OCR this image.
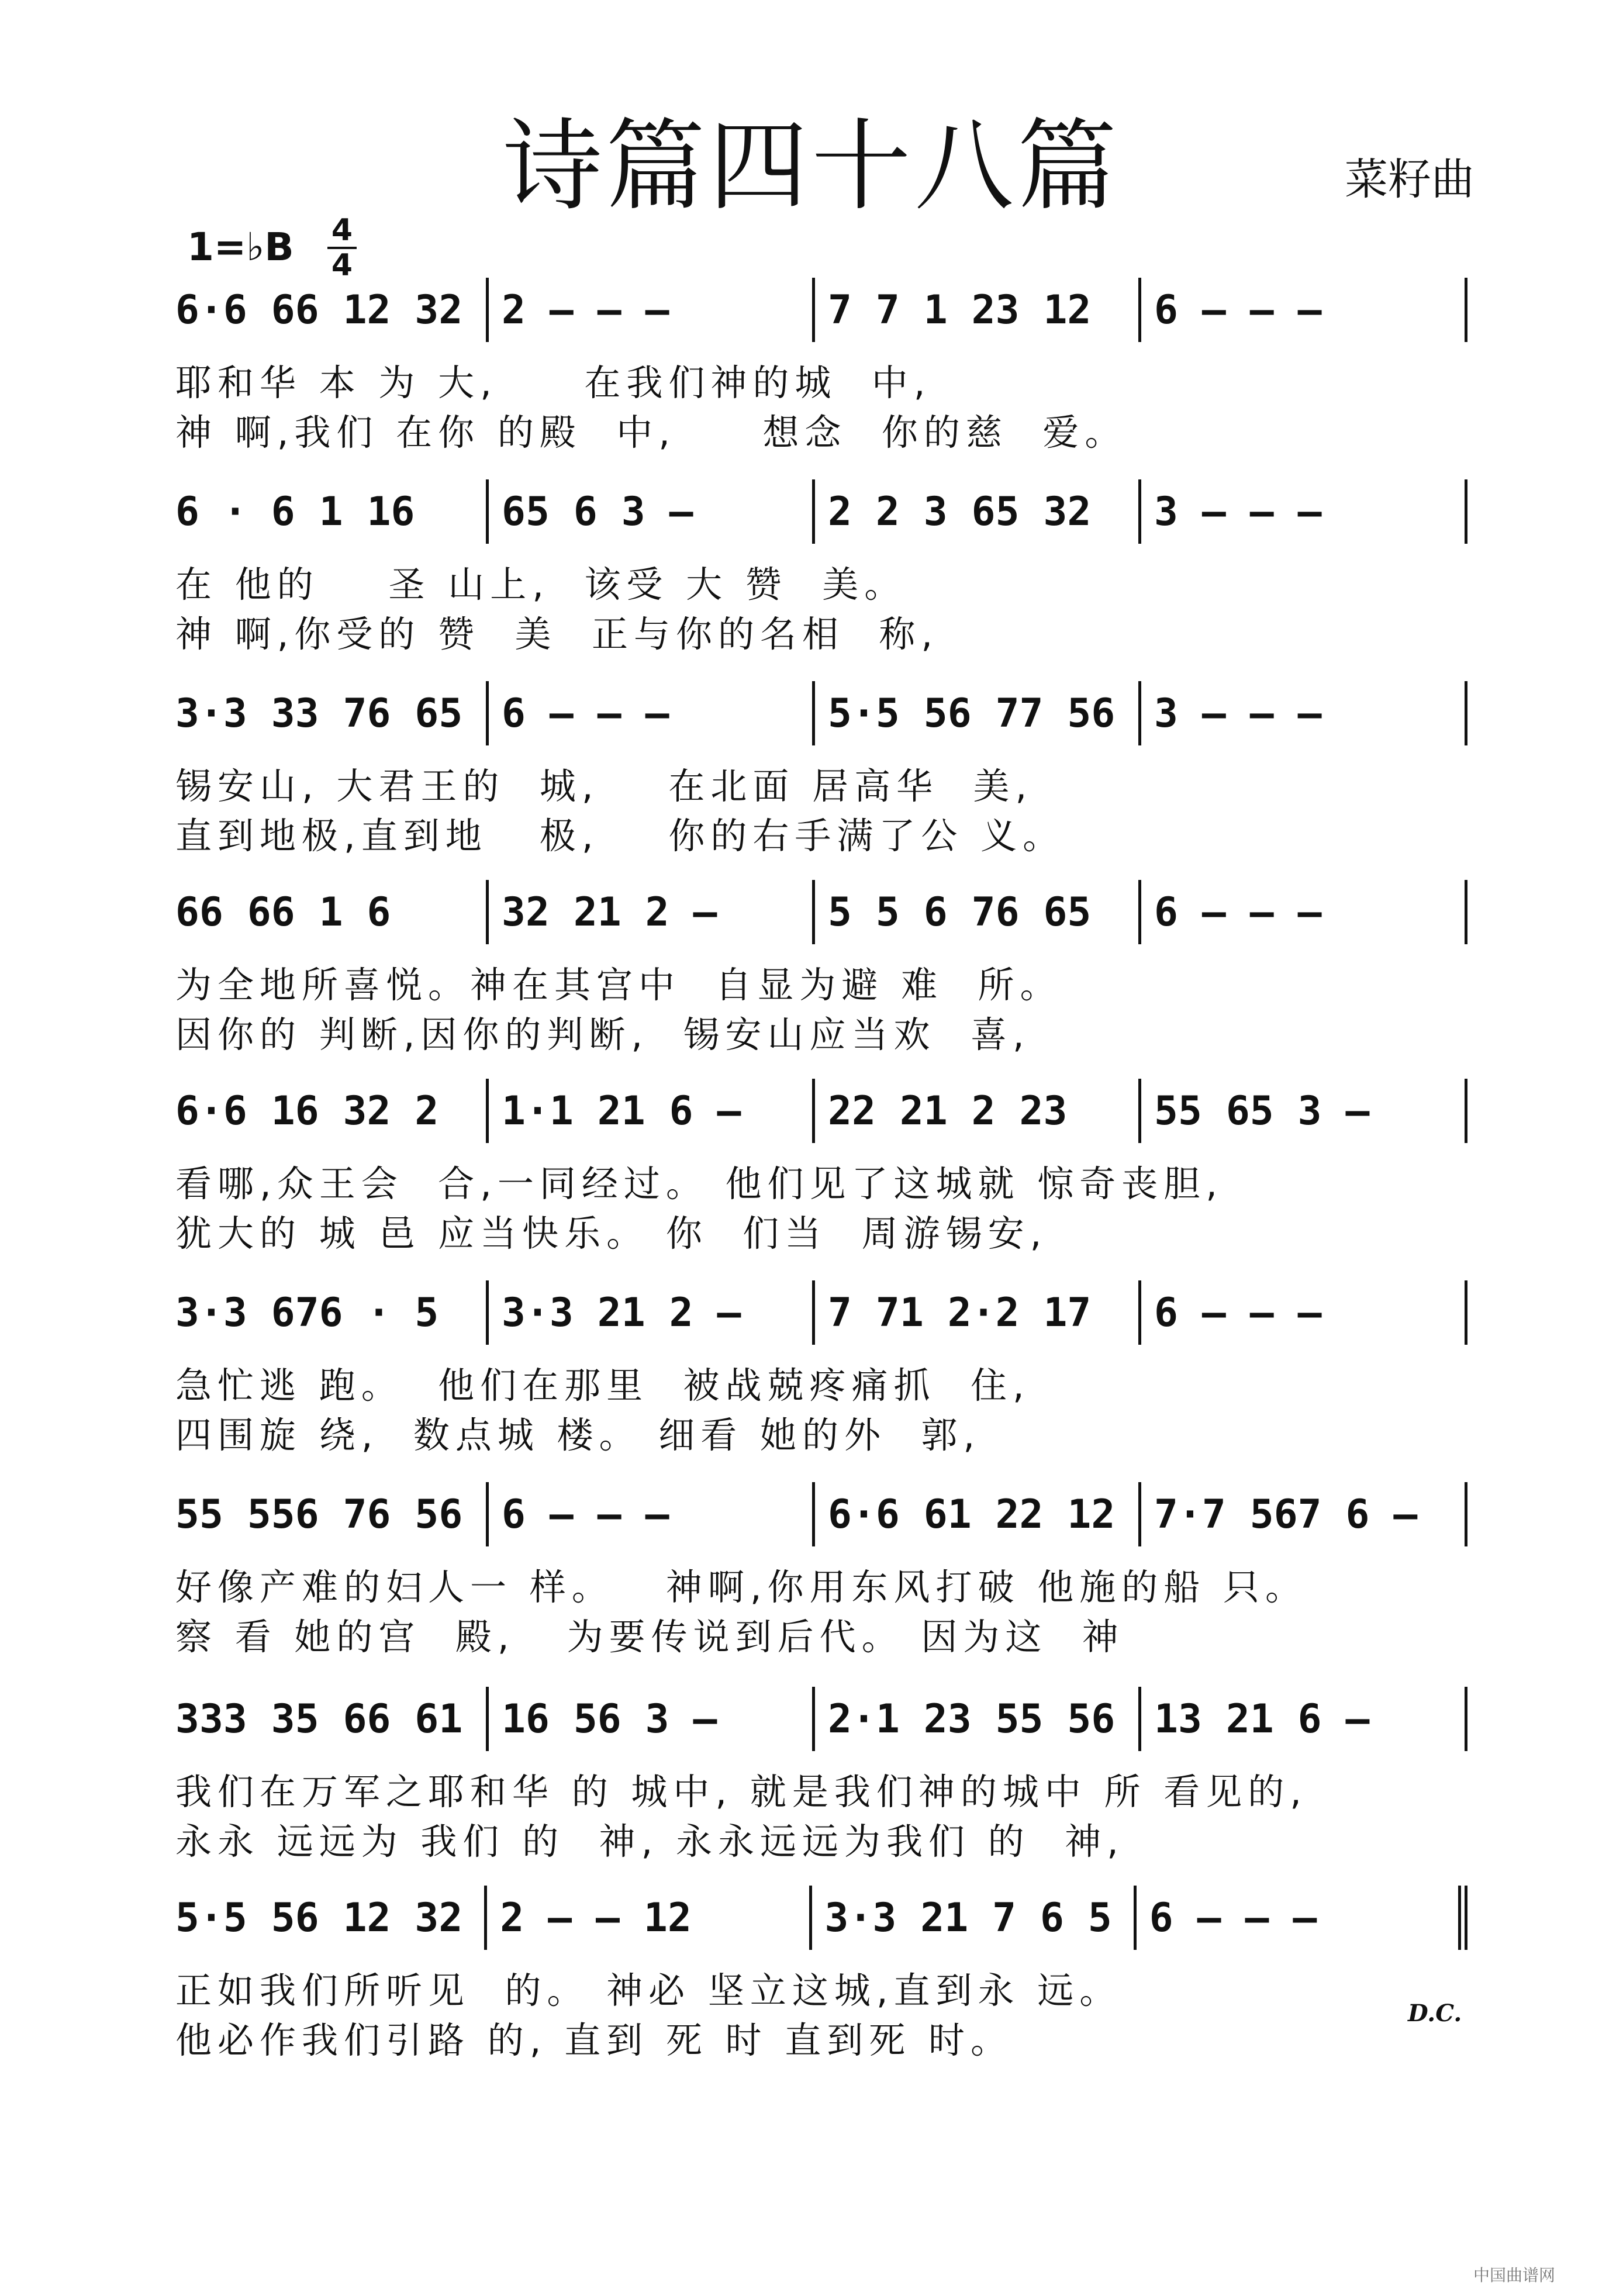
诗篇四十八篇	菜籽曲
1=♭B 4
4
6·6 66 12 32 2 – – –	7 7 1 23 12	6 – – –
耶和华 本 为 大,     在我们神的城  中,
神 啊,我们 在你 的殿  中,     想念  你的慈  爱。
6 · 6 1 16	65 6 3 –	2 2 3 65 32	3 – – –
在 他的    圣 山上,  该受 大 赞  美。
神 啊,你受的 赞  美  正与你的名相  称,
3·3 33 76 65 6 – – –	5·5 56 77 56 3 – – –
锡安山, 大君王的  城,    在北面 居高华  美,
直到地极,直到地   极,    你的右手满了公 义。
66 66 1 6	32 21 2 –	5 5 6 76 65	6 – – –
为全地所喜悦。神在其宫中  自显为避 难  所。
因你的 判断,因你的判断,  锡安山应当欢  喜,
6·6 16 32 2	1·1 21 6 –	22 21 2 23	55 65 3 –
看哪,众王会  合,一同经过。 他们见了这城就 惊奇丧胆,
犹大的 城 邑 应当快乐。 你  们当  周游锡安,
3·3 676 · 5	3·3 21 2 –	7 71 2·2 17	6 – – –
急忙逃 跑。  他们在那里  被战兢疼痛抓  住,
四围旋 绕,  数点城 楼。 细看 她的外  郭,
55 556 76 56 6 – – –	6·6 61 22 12 7·7 567 6 –
好像产难的妇人一 样。   神啊,你用东风打破 他施的船 只。
察 看 她的宫  殿,   为要传说到后代。 因为这  神
333 35 66 61 16 56 3 –	2·1 23 55 56 13 21 6 –
我们在万军之耶和华 的 城中, 就是我们神的城中 所 看见的,
永永 远远为 我们 的  神, 永永远远为我们 的  神,
5·5 56 12 32 2 – – 12	3·3 21 7 6 5 6 – – –
正如我们所听见  的。 神必 坚立这城,直到永 远。
他必作我们引路 的, 直到 死 时 直到死 时。
D.C.
中国曲谱网
